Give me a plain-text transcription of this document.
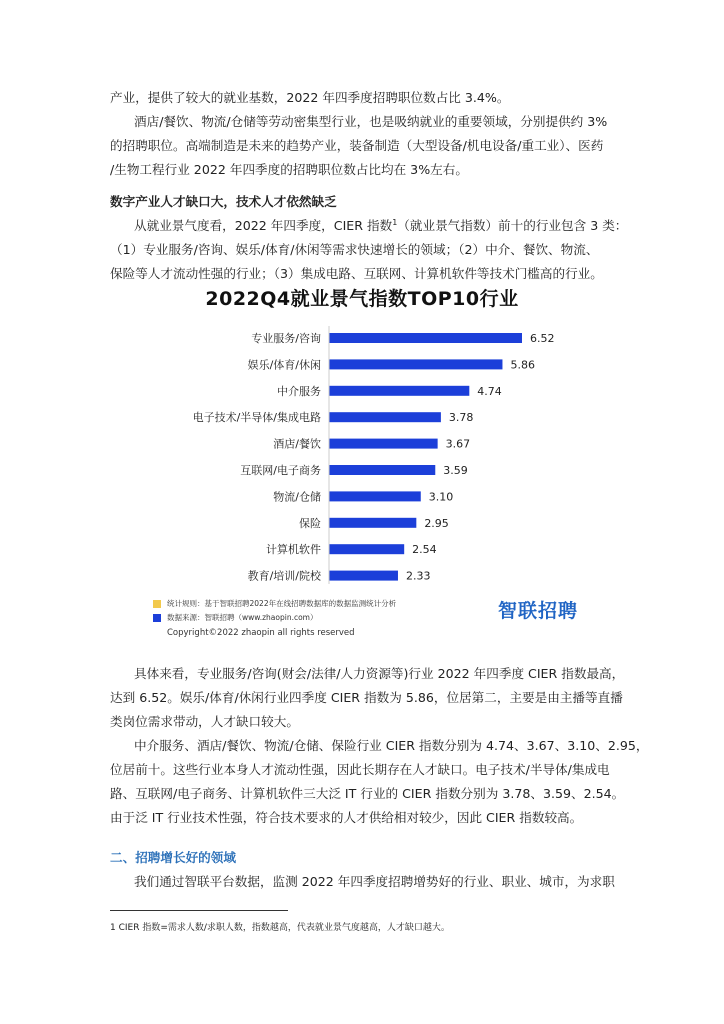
产业，提供了较大的就业基数，2022 年四季度招聘职位数占比 3.4%。

酒店/餐饮、物流/仓储等劳动密集型行业，也是吸纳就业的重要领域，分别提供约 3%

的招聘职位。高端制造是未来的趋势产业，装备制造（大型设备/机电设备/重工业）、医药

/生物工程行业 2022 年四季度的招聘职位数占比均在 3%左右。

数字产业人才缺口大，技术人才依然缺乏

从就业景气度看，2022 年四季度，CIER 指数$^1$（就业景气指数）前十的行业包含 3 类：

（1）专业服务/咨询、娱乐/体育/休闲等需求快速增长的领域；（2）中介、餐饮、物流、

保险等人才流动性强的行业；（3）集成电路、互联网、计算机软件等技术门槛高的行业。

2022Q4就业景气指数TOP10行业
专业服务/咨询	6.52
娱乐/体育/休闲	5.86
中介服务	4.74
电子技术/半导体/集成电路	3.78
酒店/餐饮	3.67
互联网/电子商务	3.59
物流/仓储	3.10
保险	2.95
计算机软件	2.54
教育/培训/院校	2.33
统计规则：基于智联招聘2022年在线招聘数据库的数据监测统计分析
数据来源：智联招聘（www.zhaopin.com）	智联招聘
Copyright©2022 zhaopin all rights reserved

具体来看，专业服务/咨询(财会/法律/人力资源等)行业 2022 年四季度 CIER 指数最高，

达到 6.52。娱乐/体育/休闲行业四季度 CIER 指数为 5.86，位居第二，主要是由主播等直播

类岗位需求带动，人才缺口较大。

中介服务、酒店/餐饮、物流/仓储、保险行业 CIER 指数分别为 4.74、3.67、3.10、2.95，

位居前十。这些行业本身人才流动性强，因此长期存在人才缺口。电子技术/半导体/集成电

路、互联网/电子商务、计算机软件三大泛 IT 行业的 CIER 指数分别为 3.78、3.59、2.54。

由于泛 IT 行业技术性强，符合技术要求的人才供给相对较少，因此 CIER 指数较高。

二、招聘增长好的领域

我们通过智联平台数据，监测 2022 年四季度招聘增势好的行业、职业、城市，为求职

1 CIER 指数=需求人数/求职人数，指数越高，代表就业景气度越高，人才缺口越大。
